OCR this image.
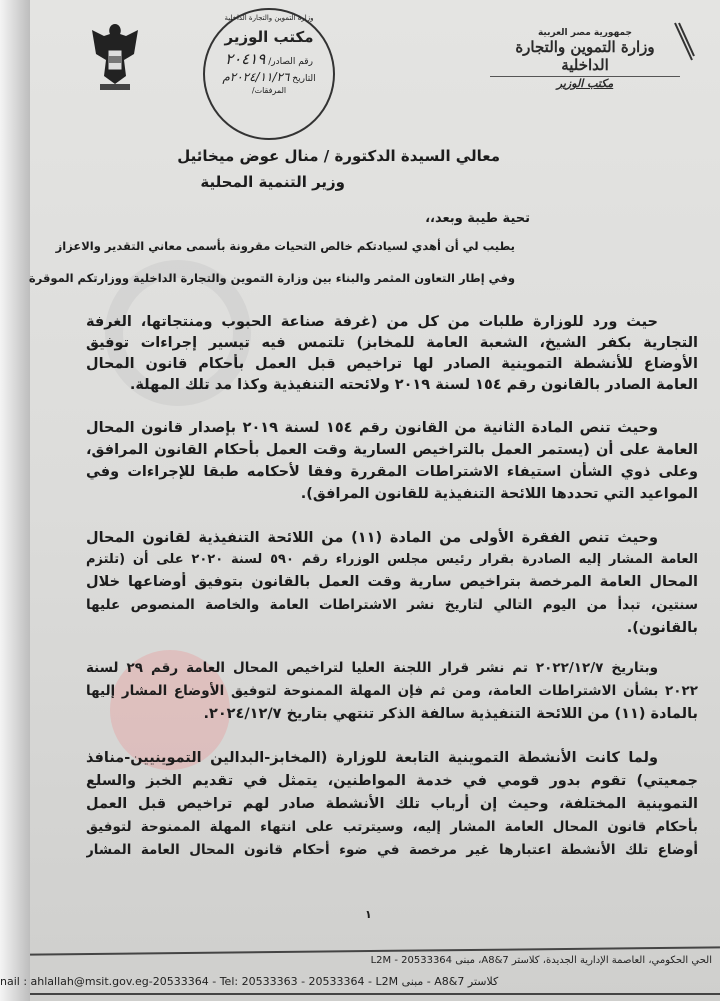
جمهورية مصر العربية
وزارة التموين والتجارة الداخلية
مكتب الوزير
وزارة التموين والتجارة الداخلية
مكتب الوزير
رقم الصادر/ ٢٠٤١٩
التاريخ ٢٠٢٤/١١/٢٦م
المرفقات/
معالي السيدة الدكتورة / منال عوض ميخائيل
وزير التنمية المحلية
تحية طيبة وبعد،،
يطيب لي أن أهدي لسيادتكم خالص التحيات مقرونة بأسمى معاني التقدير والاعزاز
وفي إطار التعاون المثمر والبناء بين وزارة التموين والتجارة الداخلية ووزارتكم الموقرة
حيث ورد للوزارة طلبات من كل من (غرفة صناعة الحبوب ومنتجاتها، الغرفة
التجارية بكفر الشيخ، الشعبة العامة للمخابز) تلتمس فيه تيسير إجراءات توفيق
الأوضاع للأنشطة التموينية الصادر لها تراخيص قبل العمل بأحكام قانون المحال
العامة الصادر بالقانون رقم ١٥٤ لسنة ٢٠١٩ ولائحته التنفيذية وكذا مد تلك المهلة.
وحيث تنص المادة الثانية من القانون رقم ١٥٤ لسنة ٢٠١٩ بإصدار قانون المحال
العامة على أن (يستمر العمل بالتراخيص السارية وقت العمل بأحكام القانون المرافق،
وعلى ذوي الشأن استيفاء الاشتراطات المقررة وفقا لأحكامه طبقا للإجراءات وفي
المواعيد التي تحددها اللائحة التنفيذية للقانون المرافق).
وحيث تنص الفقرة الأولى من المادة (١١) من اللائحة التنفيذية لقانون المحال
العامة المشار إليه الصادرة بقرار رئيس مجلس الوزراء رقم ٥٩٠ لسنة ٢٠٢٠ على أن (تلتزم
المحال العامة المرخصة بتراخيص سارية وقت العمل بالقانون بتوفيق أوضاعها خلال
سنتين، تبدأ من اليوم التالي لتاريخ نشر الاشتراطات العامة والخاصة المنصوص عليها
بالقانون).
وبتاريخ ٢٠٢٢/١٢/٧ تم نشر قرار اللجنة العليا لتراخيص المحال العامة رقم ٢٩ لسنة
٢٠٢٢ بشأن الاشتراطات العامة، ومن ثم فإن المهلة الممنوحة لتوفيق الأوضاع المشار إليها
بالمادة (١١) من اللائحة التنفيذية سالفة الذكر تنتهي بتاريخ ٢٠٢٤/١٢/٧.
ولما كانت الأنشطة التموينية التابعة للوزارة (المخابز-البدالين التموينيين-منافذ
جمعيتي) تقوم بدور قومي في خدمة المواطنين، يتمثل في تقديم الخبز والسلع
التموينية المختلفة، وحيث إن أرباب تلك الأنشطة صادر لهم تراخيص قبل العمل
بأحكام قانون المحال العامة المشار إليه، وسيترتب على انتهاء المهلة الممنوحة لتوفيق
أوضاع تلك الأنشطة اعتبارها غير مرخصة في ضوء أحكام قانون المحال العامة المشار
١
الحي الحكومي، العاصمة الإدارية الجديدة، كلاستر A8&7، مبنى L2M - 20533364
nail : ahlallah@msit.gov.eg-20533364 - Tel: 20533363 - 20533364 - L2M مبنى - A8&7 كلاستر
